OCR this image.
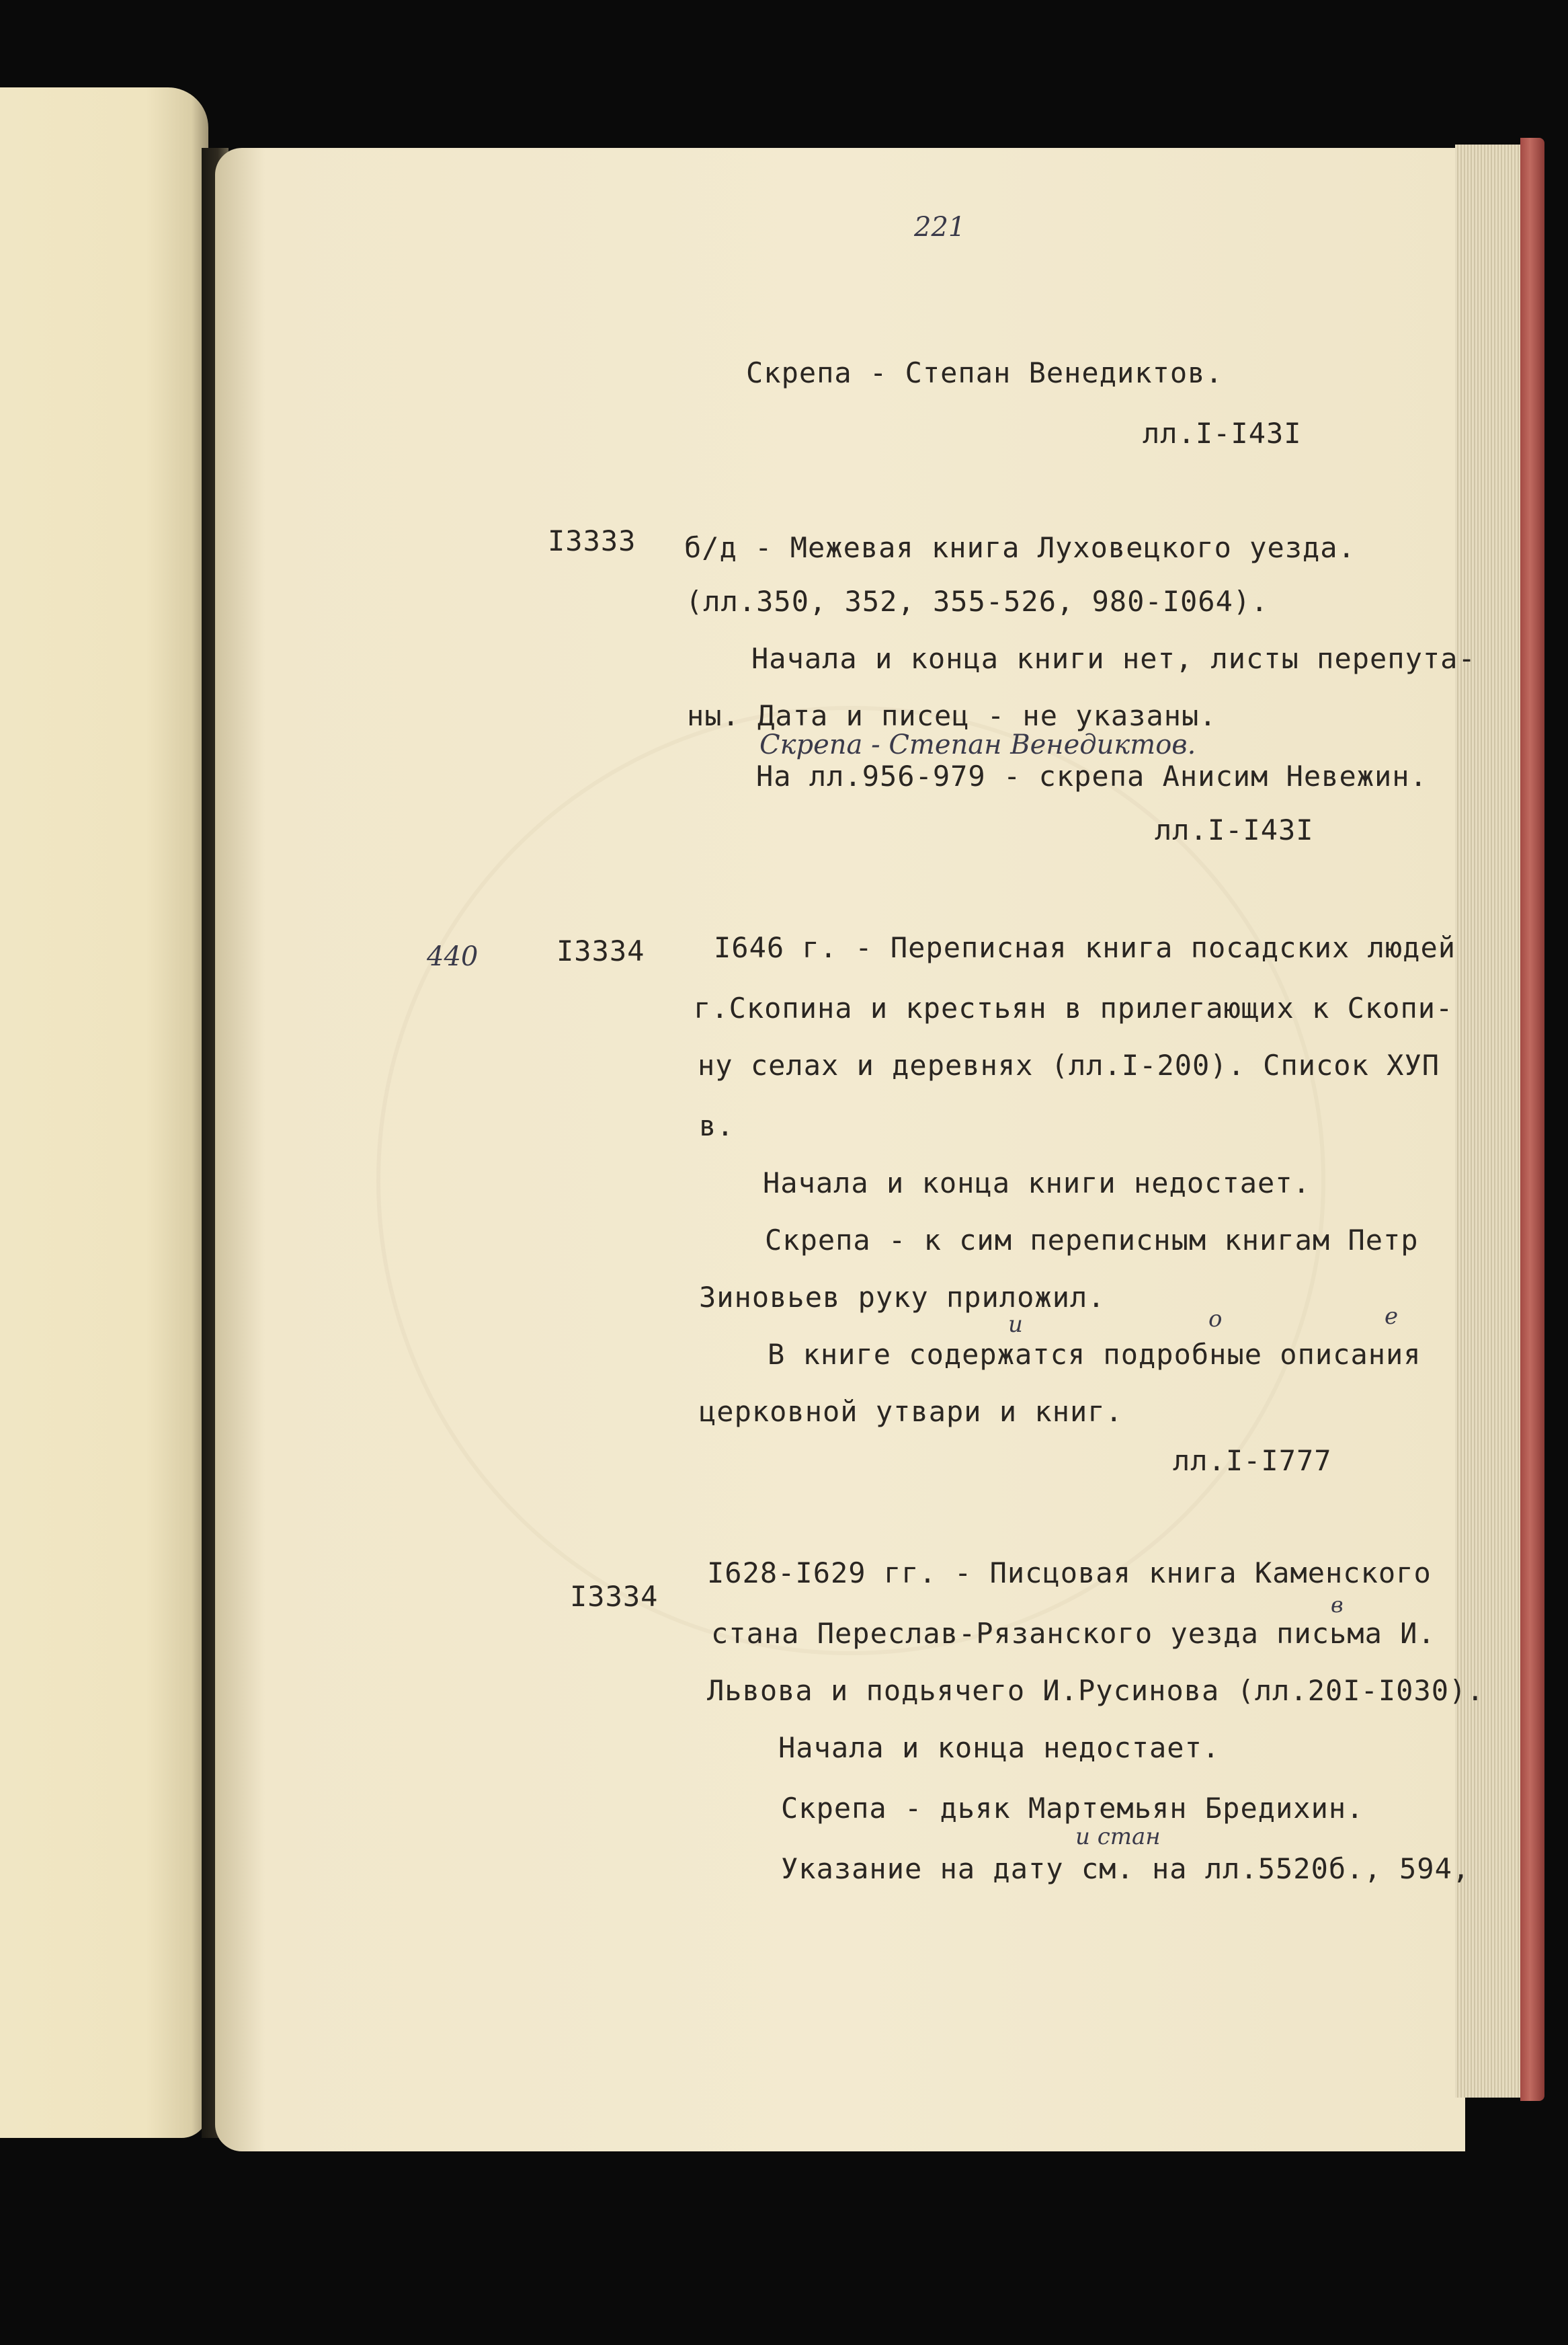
221
Скрепа - Степан Венедиктов.
лл.I-I43I
I3333 б/д - Межевая книга Луховецкого уезда.
(лл.350, 352, 355-526, 980-I064).
Начала и конца книги нет, листы перепута-
ны. Дата и писец - не указаны.
Скрепа - Степан Венедиктов.
На лл.956-979 - скрепа Анисим Невежин.
лл.I-I43I
440	I3334 I646 г. - Переписная книга посадских людей
г.Скопина и крестьян в прилегающих к Скопи-
ну селах и деревнях (лл.I-200). Список ХУП
в.
Начала и конца книги недостает.
Скрепа - к сим переписным книгам Петр
Зиновьев руку приложил.
и	о	е
В книге содержатся подробные описания
церковной утвари и книг.
лл.I-I777
I3334
I628-I629 гг. - Писцовая книга Каменского
в
стана Переслав-Рязанского уезда письма И.
Львова и подьячего И.Русинова (лл.20I-I030).
Начала и конца недостает.
Скрепа - дьяк Мартемьян Бредихин.
и стан
Указание на дату см. на лл.5520б., 594,
